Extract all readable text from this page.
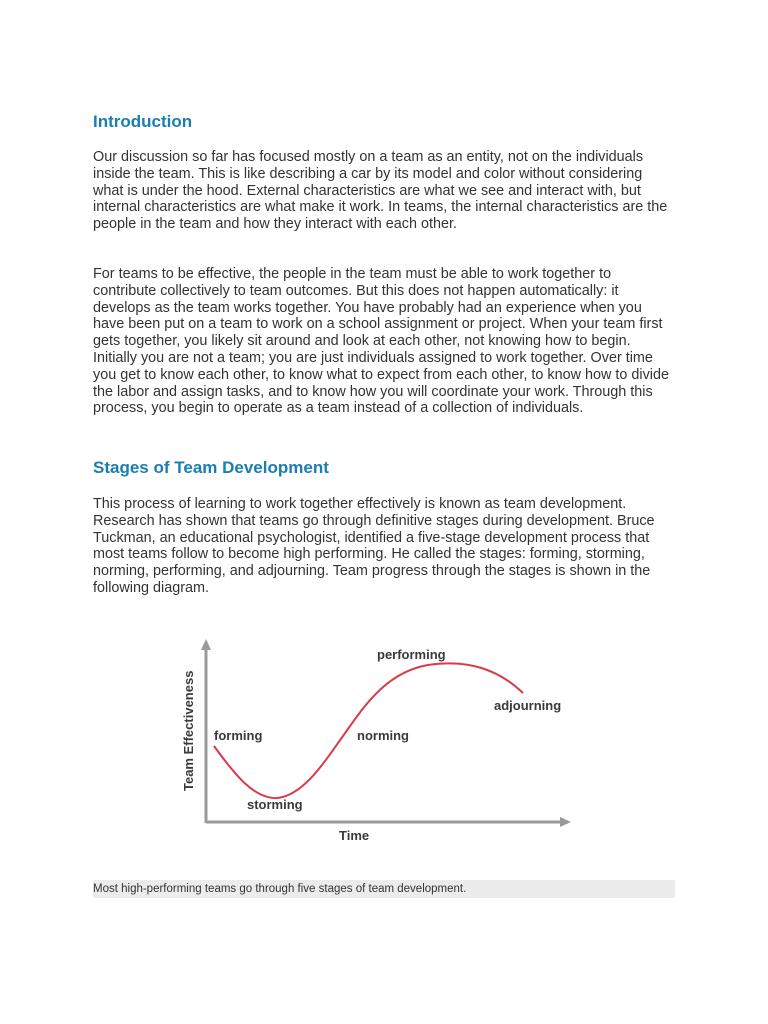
Introduction

Our discussion so far has focused mostly on a team as an entity, not on the individuals inside the team. This is like describing a car by its model and color without considering what is under the hood. External characteristics are what we see and interact with, but internal characteristics are what make it work. In teams, the internal characteristics are the people in the team and how they interact with each other.

For teams to be effective, the people in the team must be able to work together to contribute collectively to team outcomes. But this does not happen automatically: it develops as the team works together. You have probably had an experience when you have been put on a team to work on a school assignment or project. When your team first gets together, you likely sit around and look at each other, not knowing how to begin. Initially you are not a team; you are just individuals assigned to work together. Over time you get to know each other, to know what to expect from each other, to know how to divide the labor and assign tasks, and to know how you will coordinate your work. Through this process, you begin to operate as a team instead of a collection of individuals.

Stages of Team Development

This process of learning to work together effectively is known as team development. Research has shown that teams go through definitive stages during development. Bruce Tuckman, an educational psychologist, identified a five-stage development process that most teams follow to become high performing. He called the stages: forming, storming, norming, performing, and adjourning. Team progress through the stages is shown in the following diagram.

Team Effectiveness
Time
forming
storming
norming
performing
adjourning
Most high-performing teams go through five stages of team development.
